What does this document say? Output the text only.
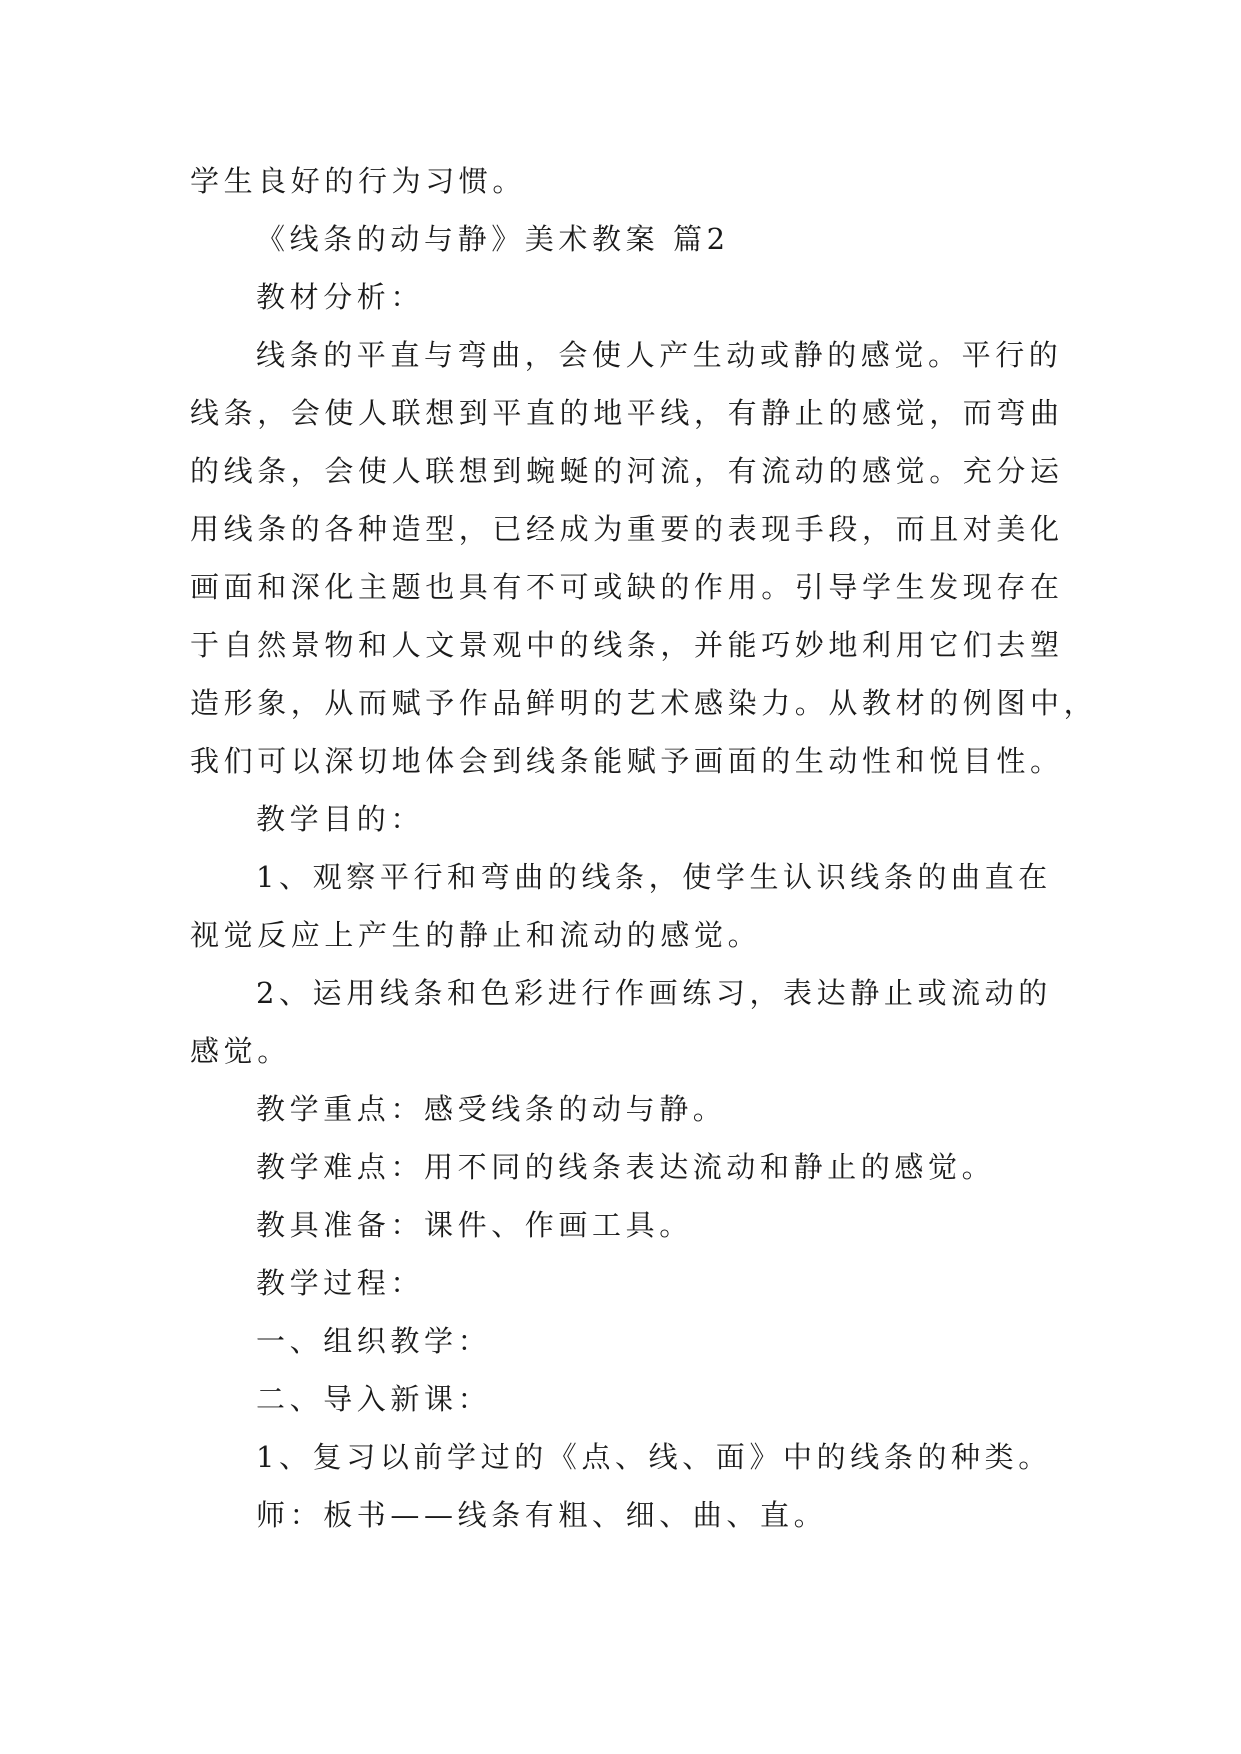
学生良好的行为习惯。
《线条的动与静》美术教案 篇2
教材分析：
线条的平直与弯曲，会使人产生动或静的感觉。平行的
线条，会使人联想到平直的地平线，有静止的感觉，而弯曲
的线条，会使人联想到蜿蜒的河流，有流动的感觉。充分运
用线条的各种造型，已经成为重要的表现手段，而且对美化
画面和深化主题也具有不可或缺的作用。引导学生发现存在
于自然景物和人文景观中的线条，并能巧妙地利用它们去塑
造形象，从而赋予作品鲜明的艺术感染力。从教材的例图中，
我们可以深切地体会到线条能赋予画面的生动性和悦目性。
教学目的：
1、观察平行和弯曲的线条，使学生认识线条的曲直在
视觉反应上产生的静止和流动的感觉。
2、运用线条和色彩进行作画练习，表达静止或流动的
感觉。
教学重点：感受线条的动与静。
教学难点：用不同的线条表达流动和静止的感觉。
教具准备：课件、作画工具。
教学过程：
一、组织教学：
二、导入新课：
1、复习以前学过的《点、线、面》中的线条的种类。
师：板书——线条有粗、细、曲、直。
